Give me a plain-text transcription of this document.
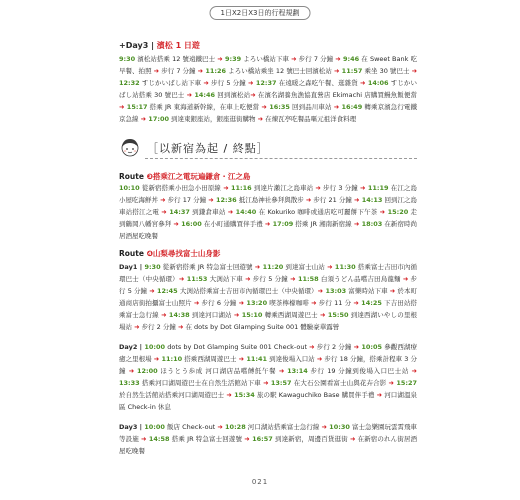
1日X2日X3日的行程規劃
+Day3 | 濱松 1 日遊
9:30 濱松站搭乘 12 號遠鐵巴士 ➜ 9:39 よろい橋站下車 ➜ 步行 7 分鐘 ➜ 9:46 在 Sweet Bank 吃早餐、拍照 ➜ 步行 7 分鐘 ➜ 11:26 よろい橋站乘坐 12 號巴士回濱松站 ➜ 11:57 乘坐 30 號巴士 ➜ 12:32 すじかいばし站下車 ➜ 步行 5 分鐘 ➜ 12:37 在遠暖之森吃午餐、逛雜貨 ➜ 14:06 すじかいばし站搭乘 30 號巴士 ➜ 14:46 回到濱松站➜ 在濱名湖養魚漁協直營店 Ekimachi 店購買鰻魚飯便當 ➜ 15:17 搭乘 JR 東海道新幹線，在車上吃便當 ➜ 16:35 回到品川車站 ➜ 16:49 轉乘京濱急行電鐵京急線 ➜ 17:00 到達東銀座站，銀座逛街購物 ➜ 在煉瓦亭吃餐品嘔元祖洋食料理
［以新宿為起 / 終點］
Route ❸搭乘江之電玩遍鎌倉・江之島
10:10 從新宿搭乘小田急小田原線 ➜ 11:16 到達片瀨江之島車站 ➜ 步行 3 分鐘 ➜ 11:19 在江之島小屋吃海鮮丼 ➜ 步行 17 分鐘 ➜ 12:36 抵江島神社參拜與散步 ➜ 步行 21 分鐘 ➜ 14:13 回到江之島車站搭江之電 ➜ 14:37 到鎌倉車站 ➜ 14:40 在 Kokuriko 咖啡或通店吃可麗餅下午茶 ➜ 15:20 走到鶴岡八幡宮參拜 ➜ 16:00 在小町通購買伴手禮 ➜ 17:09 搭乘 JR 湘南新宿線 ➜ 18:03 在新宿時尚居酒屋吃晚餐
Route ❹山梨尋找富士山身影
Day1 | 9:30 從新宿搭乘 JR 特急富士回遊號 ➜ 11:20 到達富士山站 ➜ 11:30 搭乘富士吉田市內循環巴士（中央循環）➜ 11:53 大渕站下車 ➜ 步行 5 分鐘 ➜ 11:58 白須うどん品嚐吉田烏龍麵 ➜ 步行 5 分鐘 ➜ 12:45 大渕站搭乘富士吉田市內循環巴士（中央循環）➜ 13:03 富樂時站下車 ➜ 於本町通商店街拍攝富士山照片 ➜ 步行 6 分鐘 ➜ 13:20 喫茶檸檬咖啡 ➜ 步行 11 分 ➜ 14:25 下吉田站搭乘富士急行線 ➜ 14:38 到達河口湖站 ➜ 15:10 轉乘西湖周遊巴士 ➜ 15:50 到達西湖いやしの里根場站 ➜ 步行 2 分鐘 ➜ 在 dots by Dot Glamping Suite 001 體驗豪華露營
Day2 | 10:00 dots by Dot Glamping Suite 001 Check-out ➜ 步行 2 分鐘 ➜ 10:05 參觀西湖療癒之里根場 ➜ 11:10 搭乘西湖周遊巴士 ➜ 11:41 到達俊場入口站 ➜ 步行 18 分鐘，搭乘計程車 3 分鐘 ➜ 12:00 ほうとう歩成 河口湖店品嚐餺飥午餐 ➜ 13:14 步行 19 分鐘到俊場入口巴士站 ➜ 13:33 搭乘河口湖周遊巴士在自然生活館站下車 ➜ 13:57 在大石公園看富士山與花卉合影 ➜ 15:27 於自然生活館站搭乘河口湖周遊巴士 ➜ 15:34 旅の駅 Kawaguchiko Base 購買伴手禮 ➜ 河口湖溫泉區 Check-in 休息
Day3 | 10:00 飯店 Check-out ➜ 10:28 河口湖站搭乘富士急行線 ➜ 10:30 富士急樂園玩雲霄飛車等設施 ➜ 14:58 搭乘 JR 特急富士回遊號 ➜ 16:57 到達新宿，周邊百貨逛街 ➜ 在新宿のれん街居酒屋吃晚餐
021
